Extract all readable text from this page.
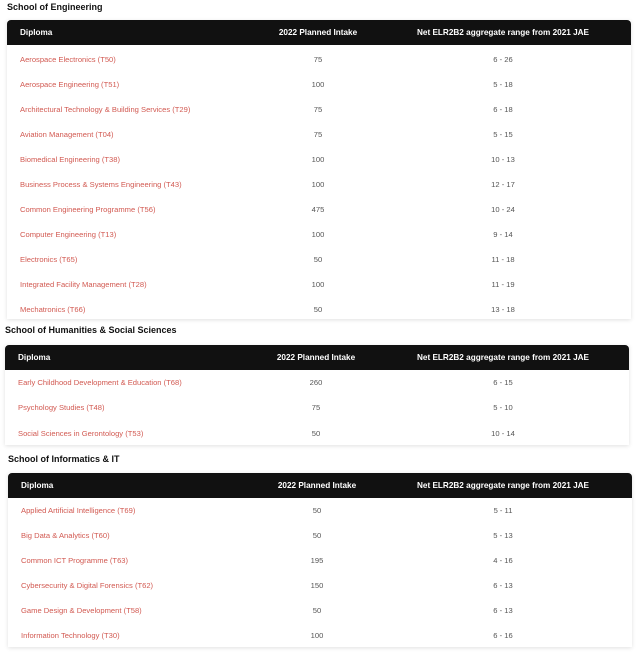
School of Engineering
Diploma	2022 Planned Intake	Net ELR2B2 aggregate range from 2021 JAE
Aerospace Electronics (T50)	75	6 - 26
Aerospace Engineering (T51)	100	5 - 18
Architectural Technology & Building Services (T29)	75	6 - 18
Aviation Management (T04)	75	5 - 15
Biomedical Engineering (T38)	100	10 - 13
Business Process & Systems Engineering (T43)	100	12 - 17
Common Engineering Programme (T56)	475	10 - 24
Computer Engineering (T13)	100	9 - 14
Electronics (T65)	50	11 - 18
Integrated Facility Management (T28)	100	11 - 19
Mechatronics (T66)	50	13 - 18
School of Humanities & Social Sciences
Diploma	2022 Planned Intake	Net ELR2B2 aggregate range from 2021 JAE
Early Childhood Development & Education (T68)	260	6 - 15
Psychology Studies (T48)	75	5 - 10
Social Sciences in Gerontology (T53)	50	10 - 14
School of Informatics & IT
Diploma	2022 Planned Intake	Net ELR2B2 aggregate range from 2021 JAE
Applied Artificial Intelligence (T69)	50	5 - 11
Big Data & Analytics (T60)	50	5 - 13
Common ICT Programme (T63)	195	4 - 16
Cybersecurity & Digital Forensics (T62)	150	6 - 13
Game Design & Development (T58)	50	6 - 13
Information Technology (T30)	100	6 - 16
